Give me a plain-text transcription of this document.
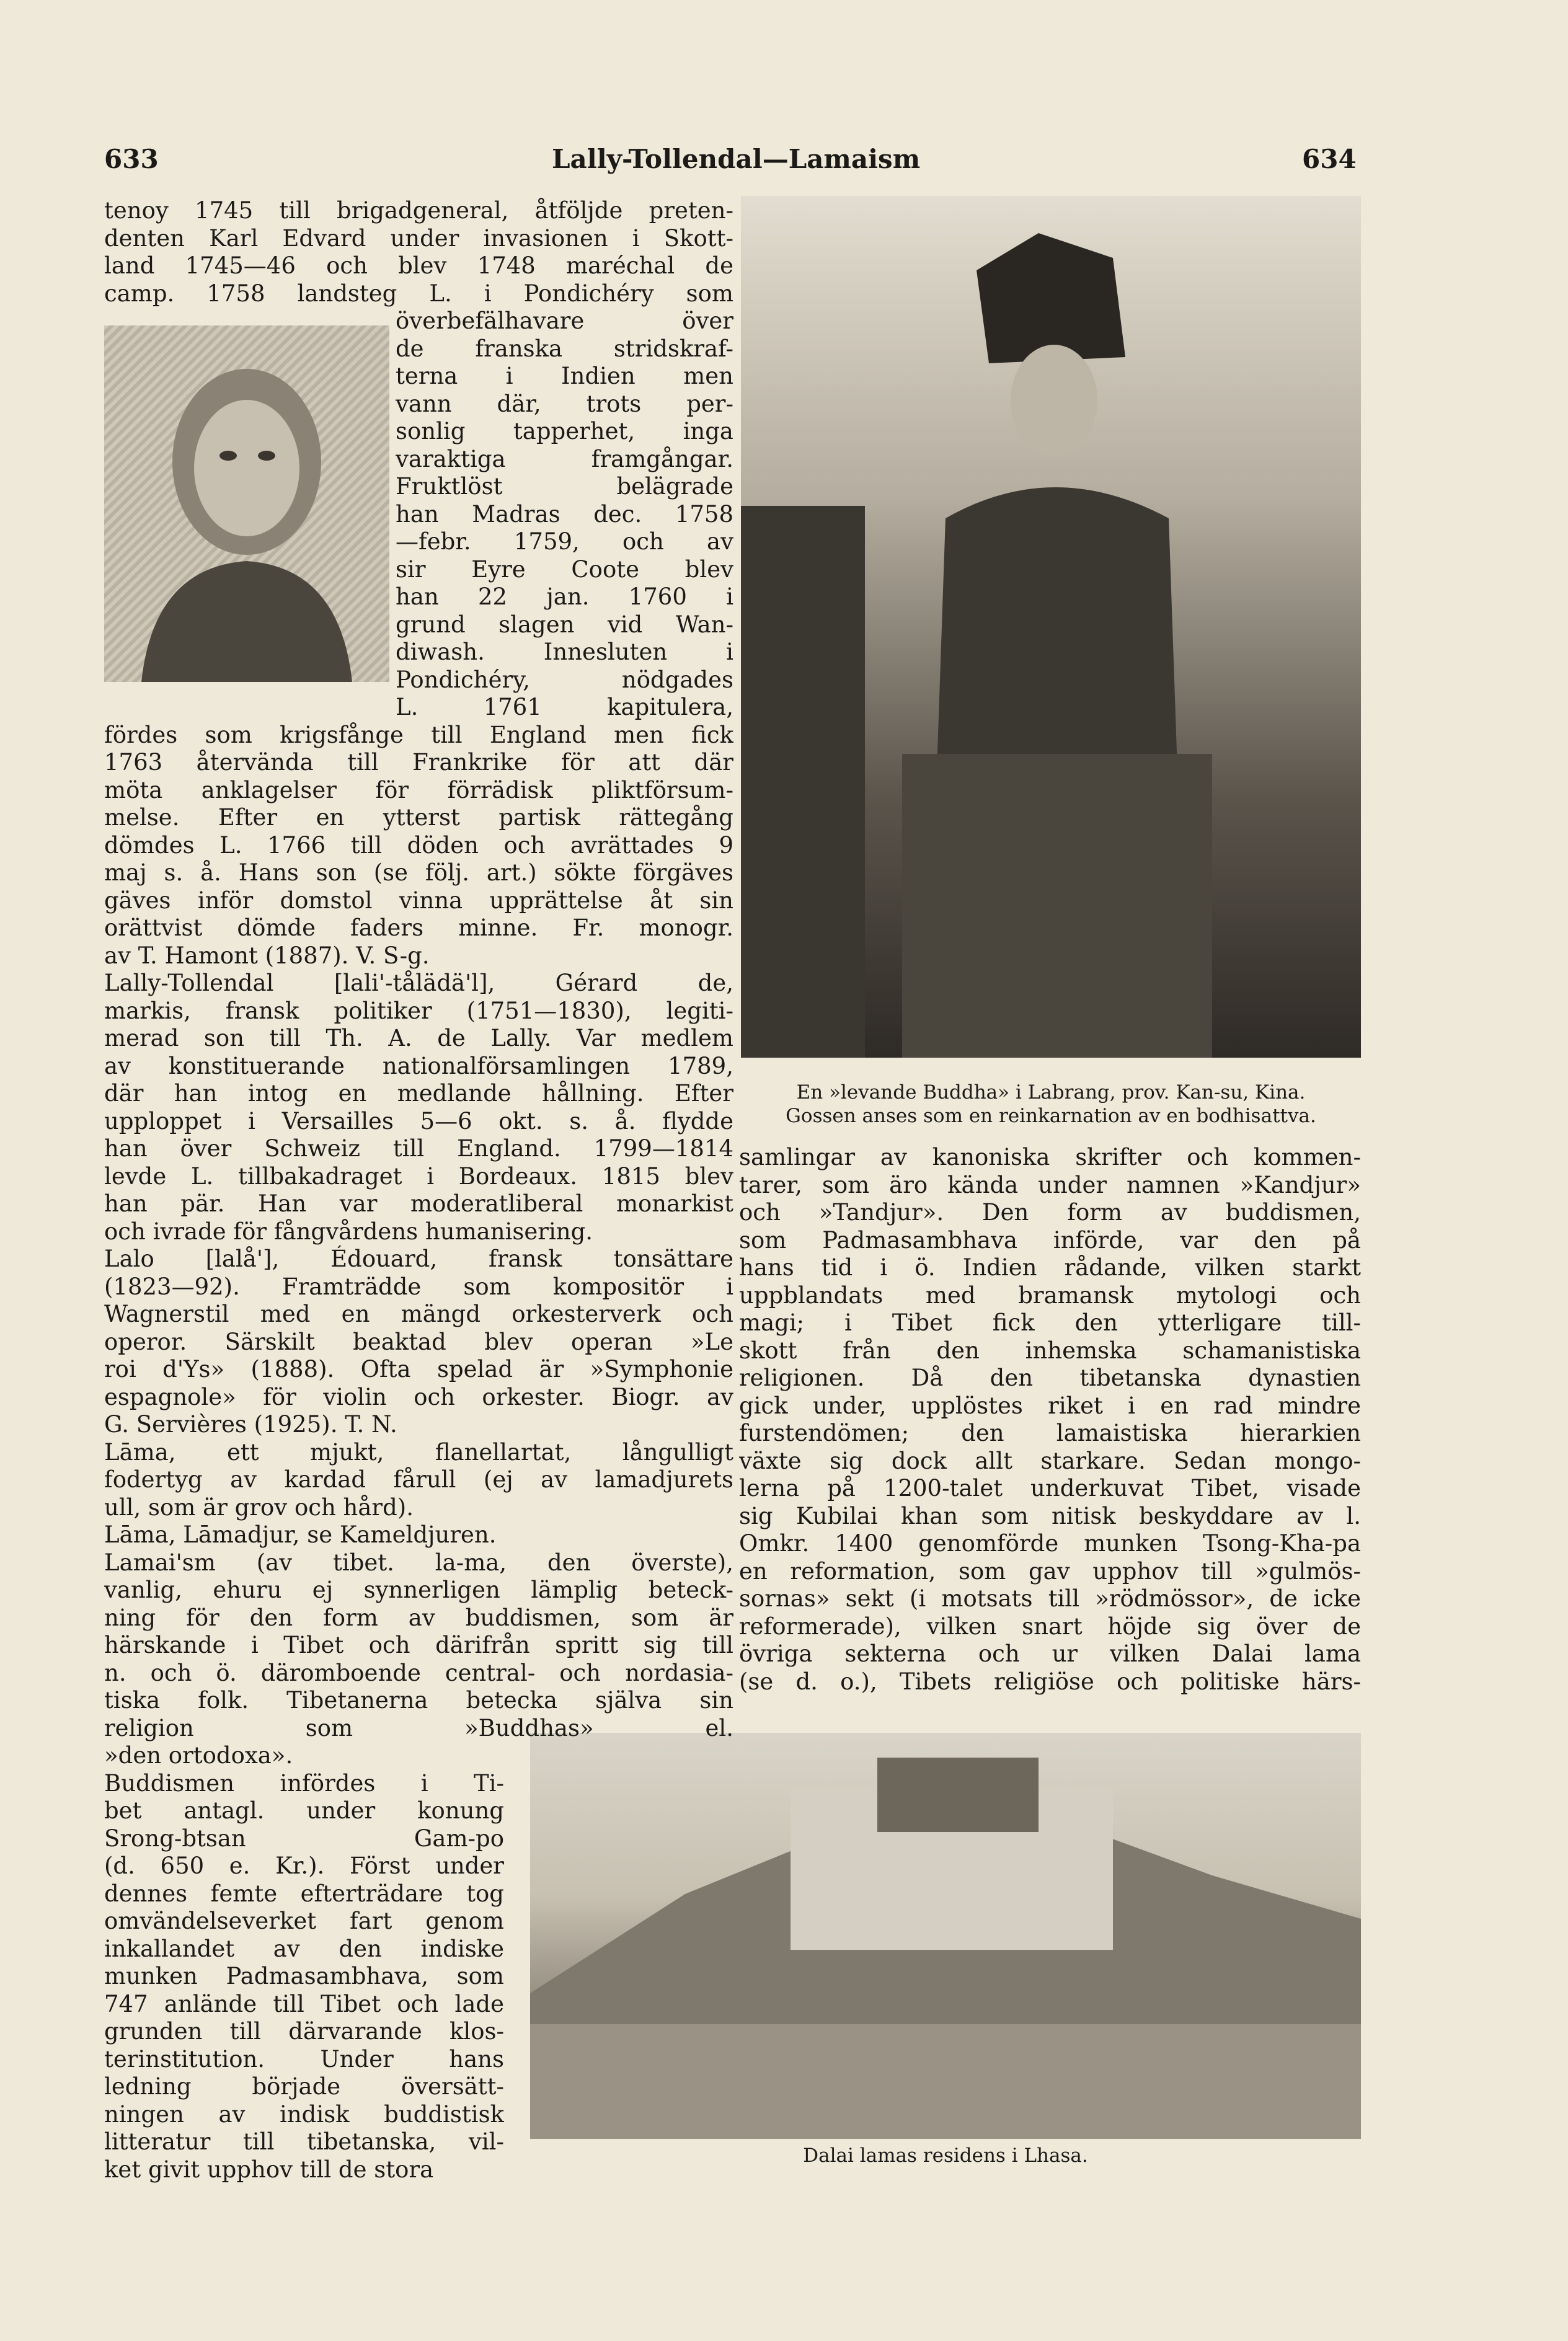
633	Lally-Tollendal—Lamaism	634
En »levande Buddha» i Labrang, prov. Kan-su, Kina.
Gossen anses som en reinkarnation av en bodhisattva.
Dalai lamas residens i Lhasa.
tenoy 1745 till brigadgeneral, åtföljde preten-
denten Karl Edvard under invasionen i Skott-
land 1745—46 och blev 1748 maréchal de
camp. 1758 landsteg L. i Pondichéry som
överbefälhavare över
de franska stridskraf-
terna i Indien men
vann där, trots per-
sonlig tapperhet, inga
varaktiga framgångar.
Fruktlöst belägrade
han Madras dec. 1758
—febr. 1759, och av
sir Eyre Coote blev
han 22 jan. 1760 i
grund slagen vid Wan-
diwash. Innesluten i
Pondichéry, nödgades
L. 1761 kapitulera,
fördes som krigsfånge till England men fick
1763 återvända till Frankrike för att där
möta anklagelser för förrädisk pliktförsum-
melse. Efter en ytterst partisk rättegång
dömdes L. 1766 till döden och avrättades 9
maj s. å. Hans son (se följ. art.) sökte förgäves
gäves inför domstol vinna upprättelse åt sin
orättvist dömde faders minne. Fr. monogr.
av T. Hamont (1887). V. S-g.
Lally-Tollendal [lali'-tålädä'l], Gérard de,
markis, fransk politiker (1751—1830), legiti-
merad son till Th. A. de Lally. Var medlem
av konstituerande nationalförsamlingen 1789,
där han intog en medlande hållning. Efter
upploppet i Versailles 5—6 okt. s. å. flydde
han över Schweiz till England. 1799—1814
levde L. tillbakadraget i Bordeaux. 1815 blev
han pär. Han var moderatliberal monarkist
och ivrade för fångvårdens humanisering.
Lalo [lalå'], Édouard, fransk tonsättare
(1823—92). Framträdde som kompositör i
Wagnerstil med en mängd orkesterverk och
operor. Särskilt beaktad blev operan »Le
roi d'Ys» (1888). Ofta spelad är »Symphonie
espagnole» för violin och orkester. Biogr. av
G. Servières (1925). T. N.
Lāma, ett mjukt, flanellartat, långulligt
fodertyg av kardad fårull (ej av lamadjurets
ull, som är grov och hård).
Lāma, Lāmadjur, se Kameldjuren.
Lamai'sm (av tibet. la-ma, den överste),
vanlig, ehuru ej synnerligen lämplig beteck-
ning för den form av buddismen, som är
härskande i Tibet och därifrån spritt sig till
n. och ö. däromboende central- och nordasia-
tiska folk. Tibetanerna betecka själva sin
religion som »Buddhas» el.
»den ortodoxa».
Buddismen infördes i Ti-
bet antagl. under konung
Srong-btsan Gam-po
(d. 650 e. Kr.). Först under
dennes femte efterträdare tog
omvändelseverket fart genom
inkallandet av den indiske
munken Padmasambhava, som
747 anlände till Tibet och lade
grunden till därvarande klos-
terinstitution. Under hans
ledning började översätt-
ningen av indisk buddistisk
litteratur till tibetanska, vil-
ket givit upphov till de stora
samlingar av kanoniska skrifter och kommen-
tarer, som äro kända under namnen »Kandjur»
och »Tandjur». Den form av buddismen,
som Padmasambhava införde, var den på
hans tid i ö. Indien rådande, vilken starkt
uppblandats med bramansk mytologi och
magi; i Tibet fick den ytterligare till-
skott från den inhemska schamanistiska
religionen. Då den tibetanska dynastien
gick under, upplöstes riket i en rad mindre
furstendömen; den lamaistiska hierarkien
växte sig dock allt starkare. Sedan mongo-
lerna på 1200-talet underkuvat Tibet, visade
sig Kubilai khan som nitisk beskyddare av l.
Omkr. 1400 genomförde munken Tsong-Kha-pa
en reformation, som gav upphov till »gulmös-
sornas» sekt (i motsats till »rödmössor», de icke
reformerade), vilken snart höjde sig över de
övriga sekterna och ur vilken Dalai lama
(se d. o.), Tibets religiöse och politiske härs-
